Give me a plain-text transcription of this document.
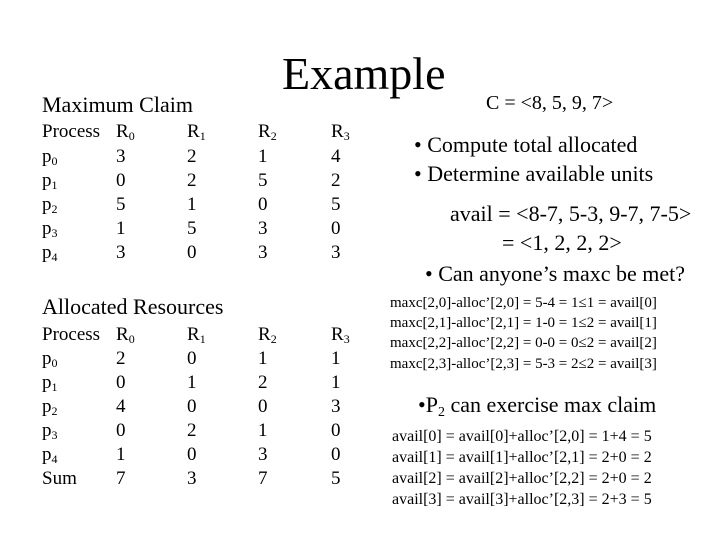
Example
C = <8, 5, 9, 7>
Maximum Claim
Process $R_0$	$R_1$	$R_2$	$R_3$
$p_0$	3	2	1	4
$p_1$	0	2	5	2
$p_2$	5	1	0	5
$p_3$	1	5	3	0
$p_4$	3	0	3	3
Allocated Resources
Process $R_0$	$R_1$	$R_2$	$R_3$
$p_0$	2	0	1	1
$p_1$	0	1	2	1
$p_2$	4	0	0	3
$p_3$	0	2	1	0
$p_4$	1	0	3	0
Sum 7	3	7	5
• Compute total allocated
• Determine available units
avail = <8-7, 5-3, 9-7, 7-5>
= <1, 2, 2, 2>
• Can anyone’s maxc be met?
maxc[2,0]-alloc’[2,0] = 5-4 = 1≤1 = avail[0]
maxc[2,1]-alloc’[2,1] = 1-0 = 1≤2 = avail[1]
maxc[2,2]-alloc’[2,2] = 0-0 = 0≤2 = avail[2]
maxc[2,3]-alloc’[2,3] = 5-3 = 2≤2 = avail[3]
$•P_2$ can exercise max claim
avail[0] = avail[0]+alloc’[2,0] = 1+4 = 5
avail[1] = avail[1]+alloc’[2,1] = 2+0 = 2
avail[2] = avail[2]+alloc’[2,2] = 2+0 = 2
avail[3] = avail[3]+alloc’[2,3] = 2+3 = 5
